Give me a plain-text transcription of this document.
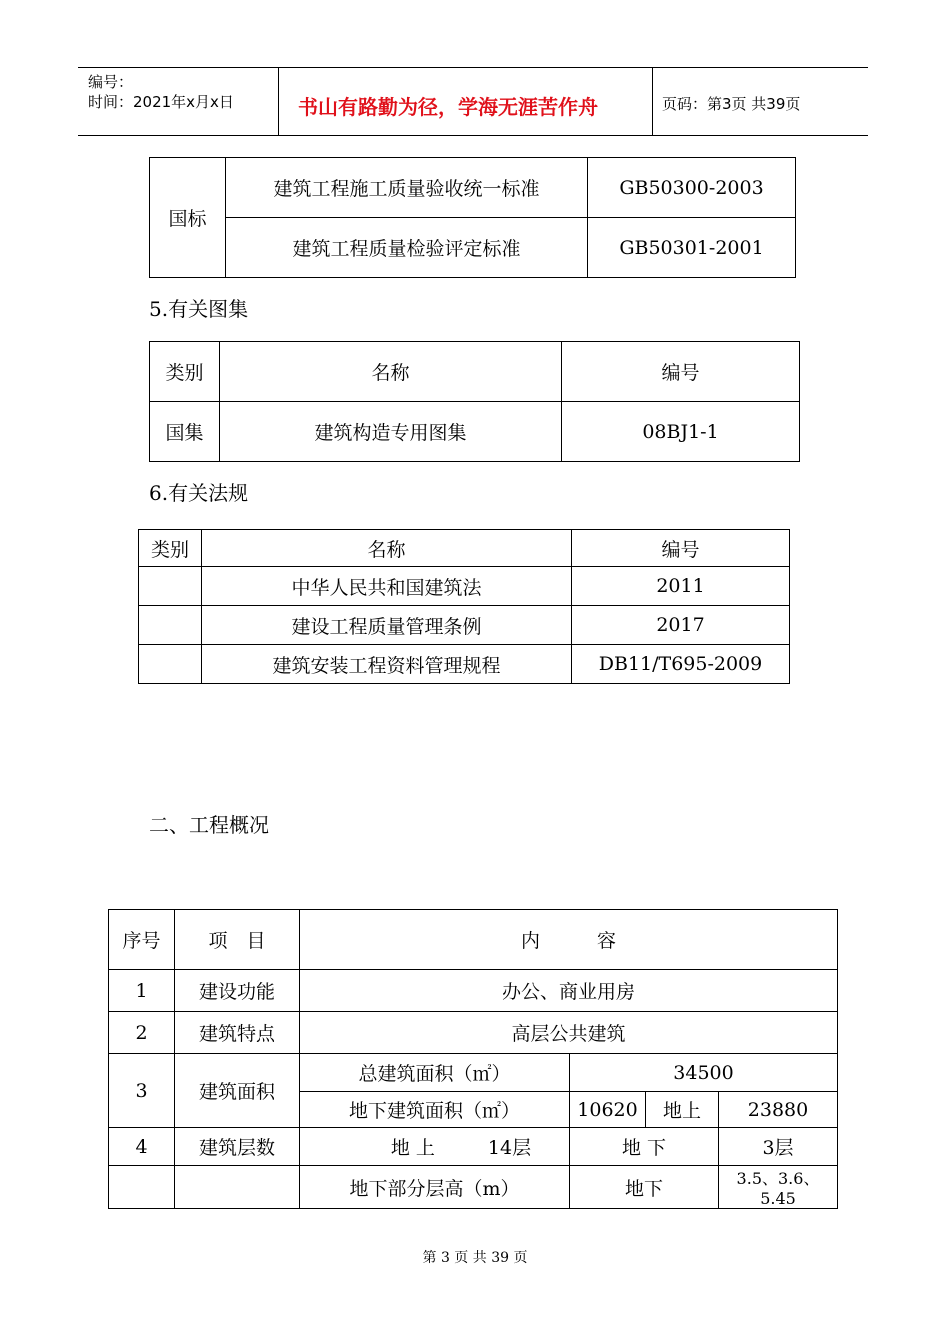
编号：
时间：2021年x月x日	书山有路勤为径，学海无涯苦作舟	页码：第3页 共39页
国标	建筑工程施工质量验收统一标准	GB50300-2003
	建筑工程质量检验评定标准	GB50301-2001
5.有关图集
类别	名称	编号
国集	建筑构造专用图集	08BJ1-1
6.有关法规
类别	名称	编号
	中华人民共和国建筑法	2011
	建设工程质量管理条例	2017
	建筑安装工程资料管理规程	DB11/T695-2009
二、工程概况
序号	项　目	内　　　容			
1	建设功能	办公、商业用房			
2	建筑特点	高层公共建筑			
3	建筑面积	总建筑面积（㎡）	34500		
		地下建筑面积（㎡）	10620	地上	23880
4	建筑层数	地 上 14层	地 下		3层
		地下部分层高（m）	地下		3.5、3.6、5.45
第 3 页 共 39 页
